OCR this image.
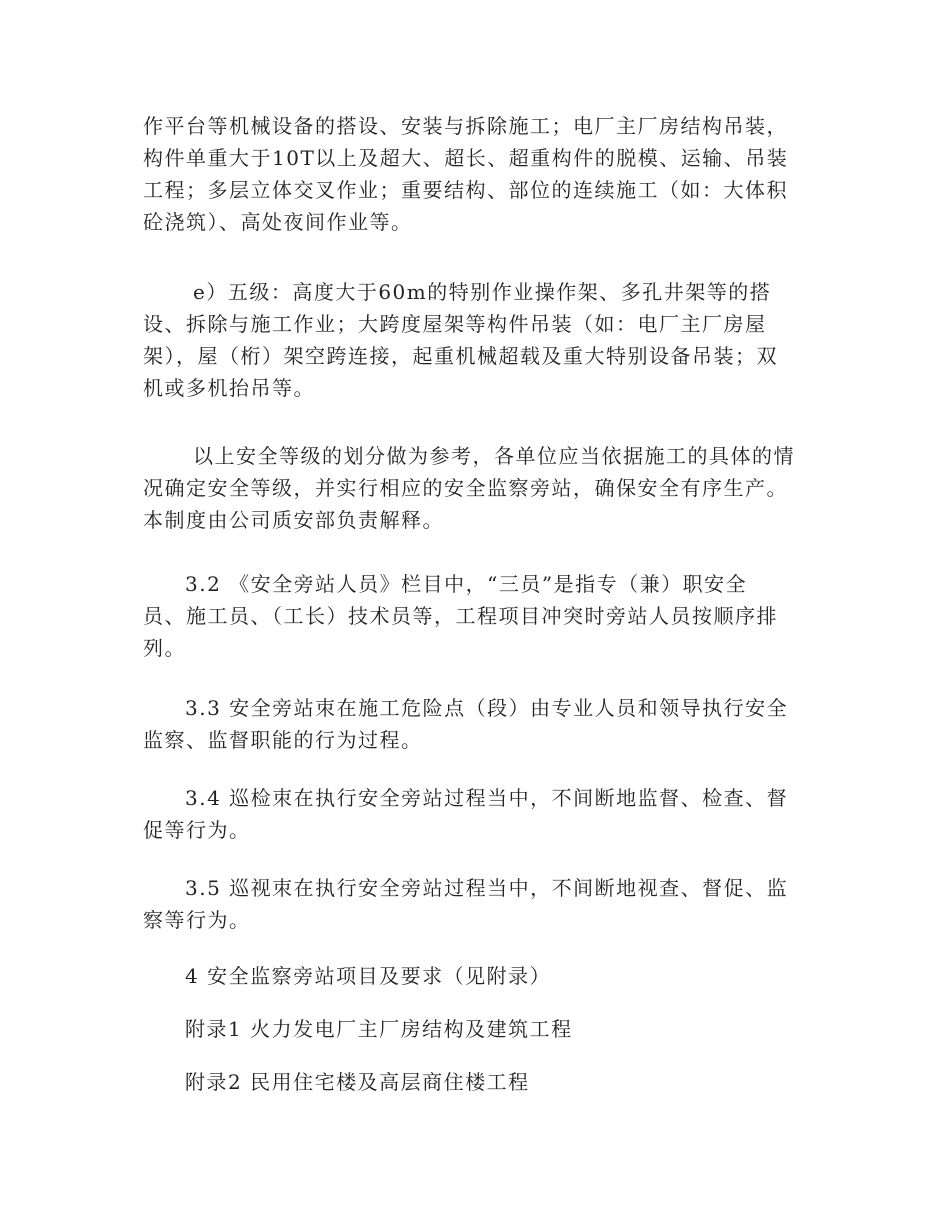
作平台等机械设备的搭设、安装与拆除施工；电厂主厂房结构吊装，
构件单重大于10T以上及超大、超长、超重构件的脱模、运输、吊装
工程；多层立体交叉作业；重要结构、部位的连续施工（如：大体积
砼浇筑）、高处夜间作业等。

e）五级：高度大于60m的特别作业操作架、多孔井架等的搭
设、拆除与施工作业；大跨度屋架等构件吊装（如：电厂主厂房屋
架），屋（桁）架空跨连接，起重机械超载及重大特别设备吊装；双
机或多机抬吊等。

以上安全等级的划分做为参考，各单位应当依据施工的具体的情
况确定安全等级，并实行相应的安全监察旁站，确保安全有序生产。
本制度由公司质安部负责解释。

3.2 《安全旁站人员》栏目中，“三员”是指专（兼）职安全
员、施工员、（工长）技术员等，工程项目冲突时旁站人员按顺序排
列。

3.3 安全旁站朿在施工危险点（段）由专业人员和领导执行安全
监察、监督职能的行为过程。

3.4 巡检朿在执行安全旁站过程当中，不间断地监督、检查、督
促等行为。

3.5 巡视朿在执行安全旁站过程当中，不间断地视查、督促、监
察等行为。

4 安全监察旁站项目及要求（见附录）

附录1 火力发电厂主厂房结构及建筑工程

附录2 民用住宅楼及高层商住楼工程
